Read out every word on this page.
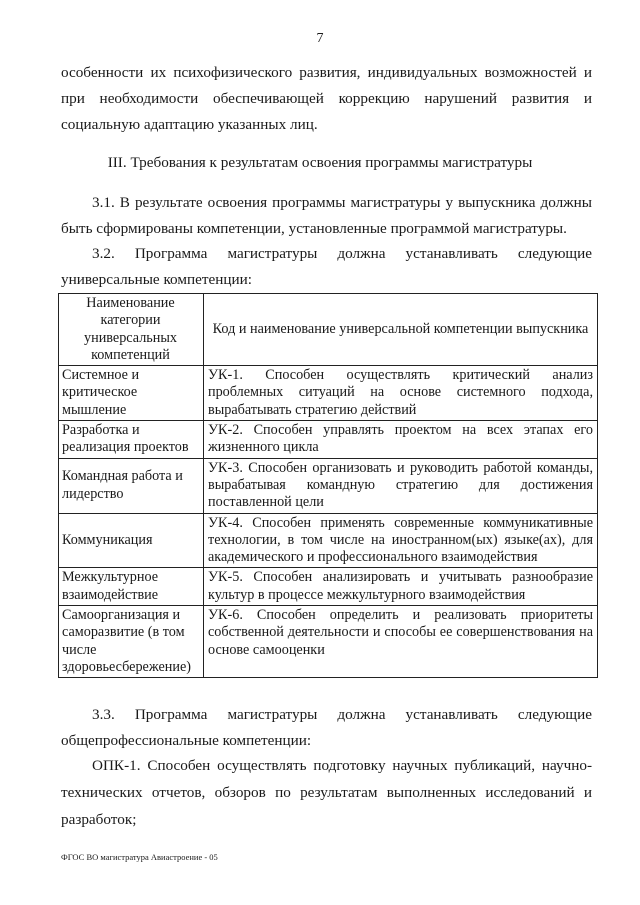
7
особенности их психофизического развития, индивидуальных возможностей и
при необходимости обеспечивающей коррекцию нарушений развития и
социальную адаптацию указанных лиц.
III. Требования к результатам освоения программы магистратуры
3.1. В результате освоения программы магистратуры у выпускника должны
быть сформированы компетенции, установленные программой магистратуры.
3.2. Программа магистратуры должна устанавливать следующие
универсальные компетенции:
Наименование категории универсальных компетенций	Код и наименование универсальной компетенции выпускника
Системное и критическое мышление	УК-1. Способен осуществлять критический анализ проблемных ситуаций на основе системного подхода, вырабатывать стратегию действий
Разработка и реализация проектов	УК-2. Способен управлять проектом на всех этапах его жизненного цикла
Командная работа и лидерство	УК-3. Способен организовать и руководить работой команды, вырабатывая командную стратегию для достижения поставленной цели
Коммуникация	УК-4. Способен применять современные коммуникативные технологии, в том числе на иностранном(ых) языке(ах), для академического и профессионального взаимодействия
Межкультурное взаимодействие	УК-5. Способен анализировать и учитывать разнообразие культур в процессе межкультурного взаимодействия
Самоорганизация и саморазвитие (в том числе здоровьесбережение)	УК-6. Способен определить и реализовать приоритеты собственной деятельности и способы ее совершенствования на основе самооценки
3.3. Программа магистратуры должна устанавливать следующие
общепрофессиональные компетенции:
ОПК-1. Способен осуществлять подготовку научных публикаций, научно-
технических отчетов, обзоров по результатам выполненных исследований и
разработок;
ФГОС ВО магистратура Авиастроение - 05
